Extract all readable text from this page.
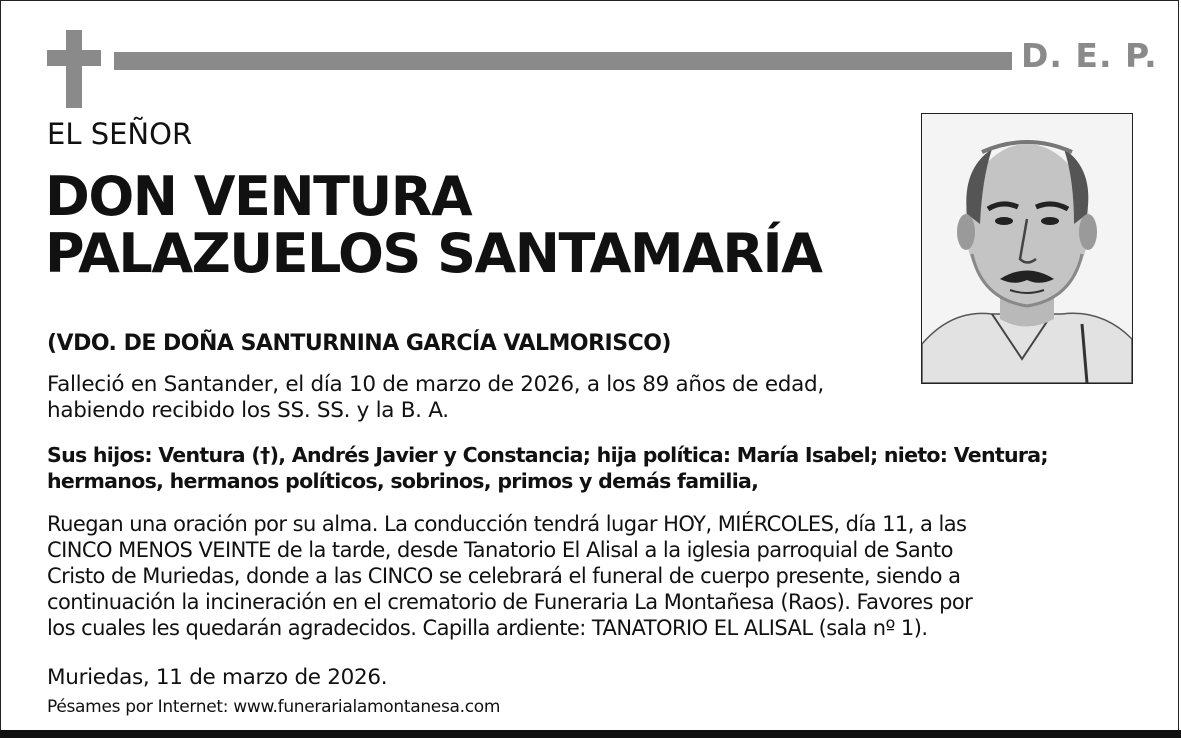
D. E. P.
EL SEÑOR
DON VENTURA
PALAZUELOS SANTAMARÍA
(VDO. DE DOÑA SANTURNINA GARCÍA VALMORISCO)
Falleció en Santander, el día 10 de marzo de 2026, a los 89 años de edad,
habiendo recibido los SS. SS. y la B. A.
Sus hijos: Ventura (†), Andrés Javier y Constancia; hija política: María Isabel; nieto: Ventura;
hermanos, hermanos políticos, sobrinos, primos y demás familia,
Ruegan una oración por su alma. La conducción tendrá lugar HOY, MIÉRCOLES, día 11, a las
CINCO MENOS VEINTE de la tarde, desde Tanatorio El Alisal a la iglesia parroquial de Santo
Cristo de Muriedas, donde a las CINCO se celebrará el funeral de cuerpo presente, siendo a
continuación la incineración en el crematorio de Funeraria La Montañesa (Raos). Favores por
los cuales les quedarán agradecidos. Capilla ardiente: TANATORIO EL ALISAL (sala nº 1).
Muriedas, 11 de marzo de 2026.
Pésames por Internet: www.funerarialamontanesa.com
